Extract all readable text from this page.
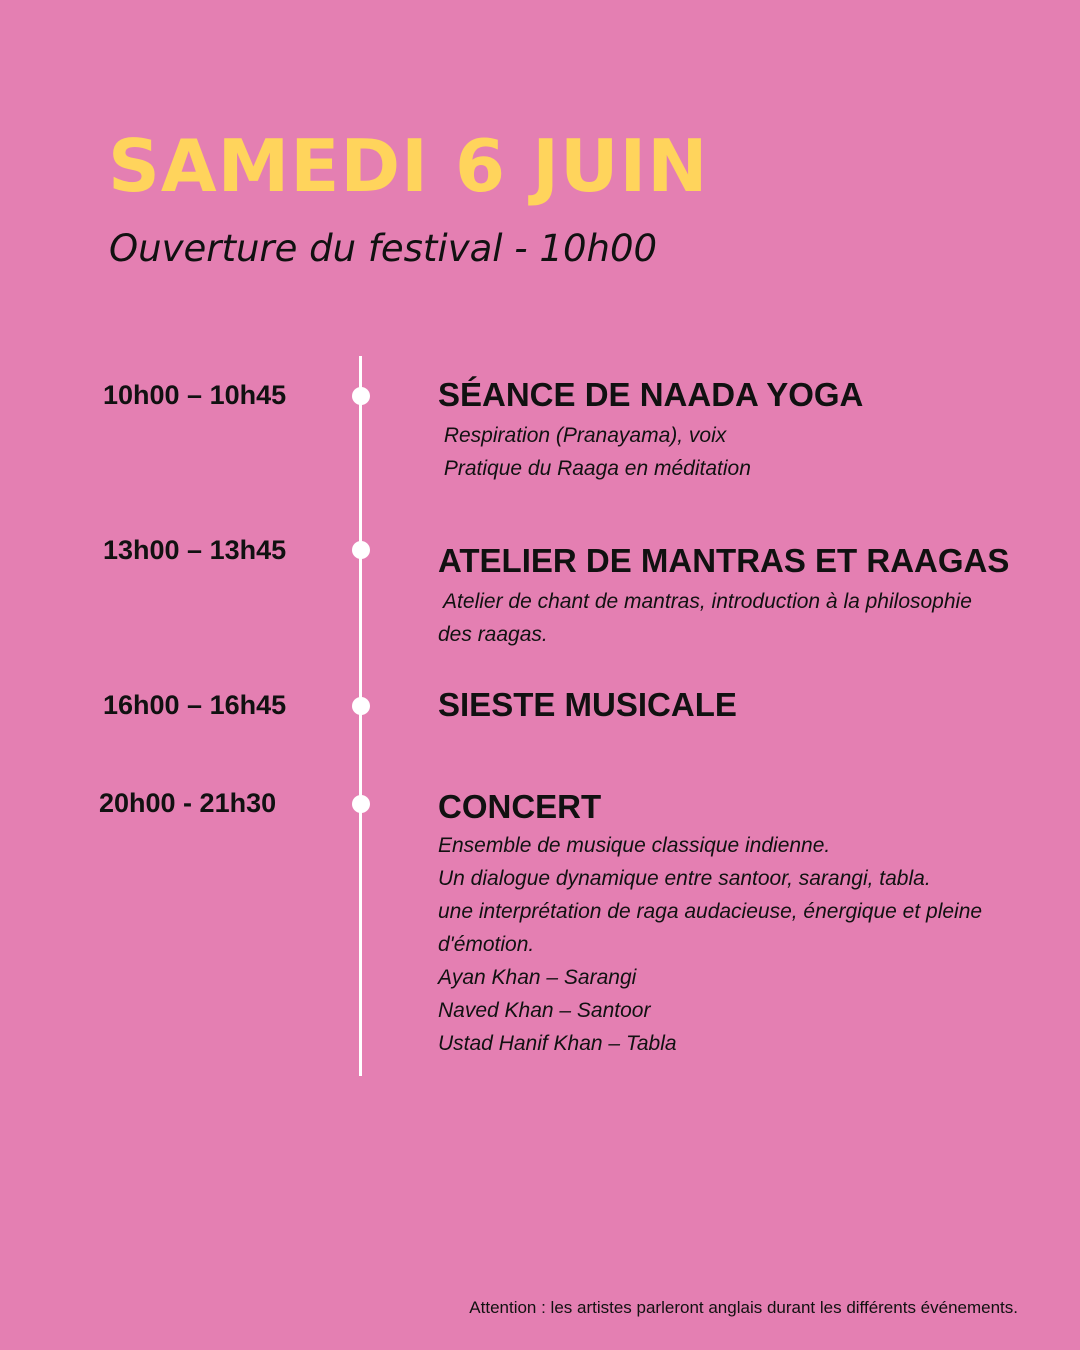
SAMEDI 6 JUIN

Ouverture du festival - 10h00

10h00 – 10h45	SÉANCE DE NAADA YOGA
Respiration (Pranayama), voix
Pratique du Raaga en méditation
13h00 – 13h45	ATELIER DE MANTRAS ET RAAGAS
Atelier de chant de mantras, introduction à la philosophie
des raagas.
16h00 – 16h45	SIESTE MUSICALE
20h00 - 21h30	CONCERT
Ensemble de musique classique indienne.
Un dialogue dynamique entre santoor, sarangi, tabla.
une interprétation de raga audacieuse, énergique et pleine
d'émotion.
Ayan Khan – Sarangi
Naved Khan – Santoor
Ustad Hanif Khan – Tabla
Attention : les artistes parleront anglais durant les différents événements.
